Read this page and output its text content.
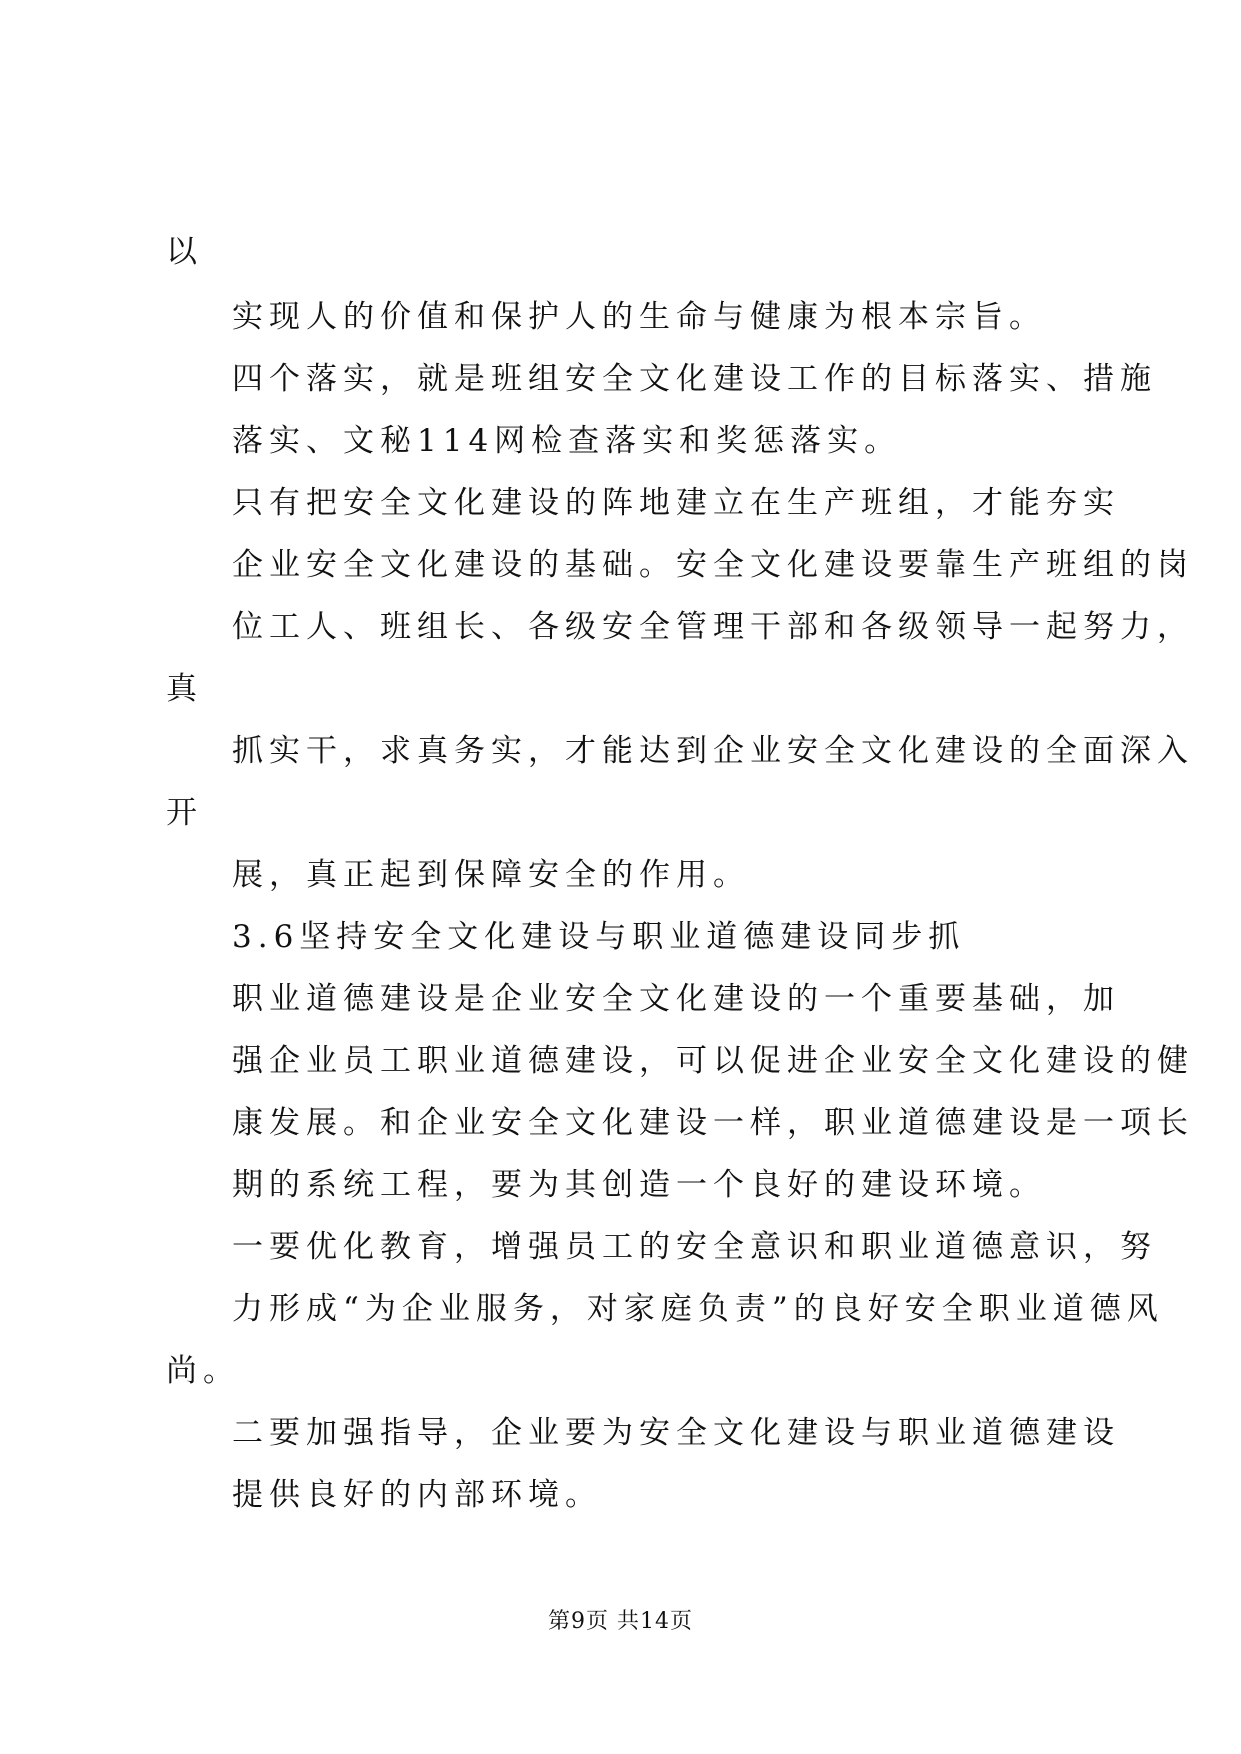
以
实现人的价值和保护人的生命与健康为根本宗旨。
四个落实，就是班组安全文化建设工作的目标落实、措施
落实、文秘114网检查落实和奖惩落实。
只有把安全文化建设的阵地建立在生产班组，才能夯实
企业安全文化建设的基础。安全文化建设要靠生产班组的岗
位工人、班组长、各级安全管理干部和各级领导一起努力，
真
抓实干，求真务实，才能达到企业安全文化建设的全面深入
开
展，真正起到保障安全的作用。
3.6坚持安全文化建设与职业道德建设同步抓
职业道德建设是企业安全文化建设的一个重要基础，加
强企业员工职业道德建设，可以促进企业安全文化建设的健
康发展。和企业安全文化建设一样，职业道德建设是一项长
期的系统工程，要为其创造一个良好的建设环境。
一要优化教育，增强员工的安全意识和职业道德意识，努
力形成“为企业服务，对家庭负责”的良好安全职业道德风
尚。
二要加强指导，企业要为安全文化建设与职业道德建设
提供良好的内部环境。
第9页 共14页
